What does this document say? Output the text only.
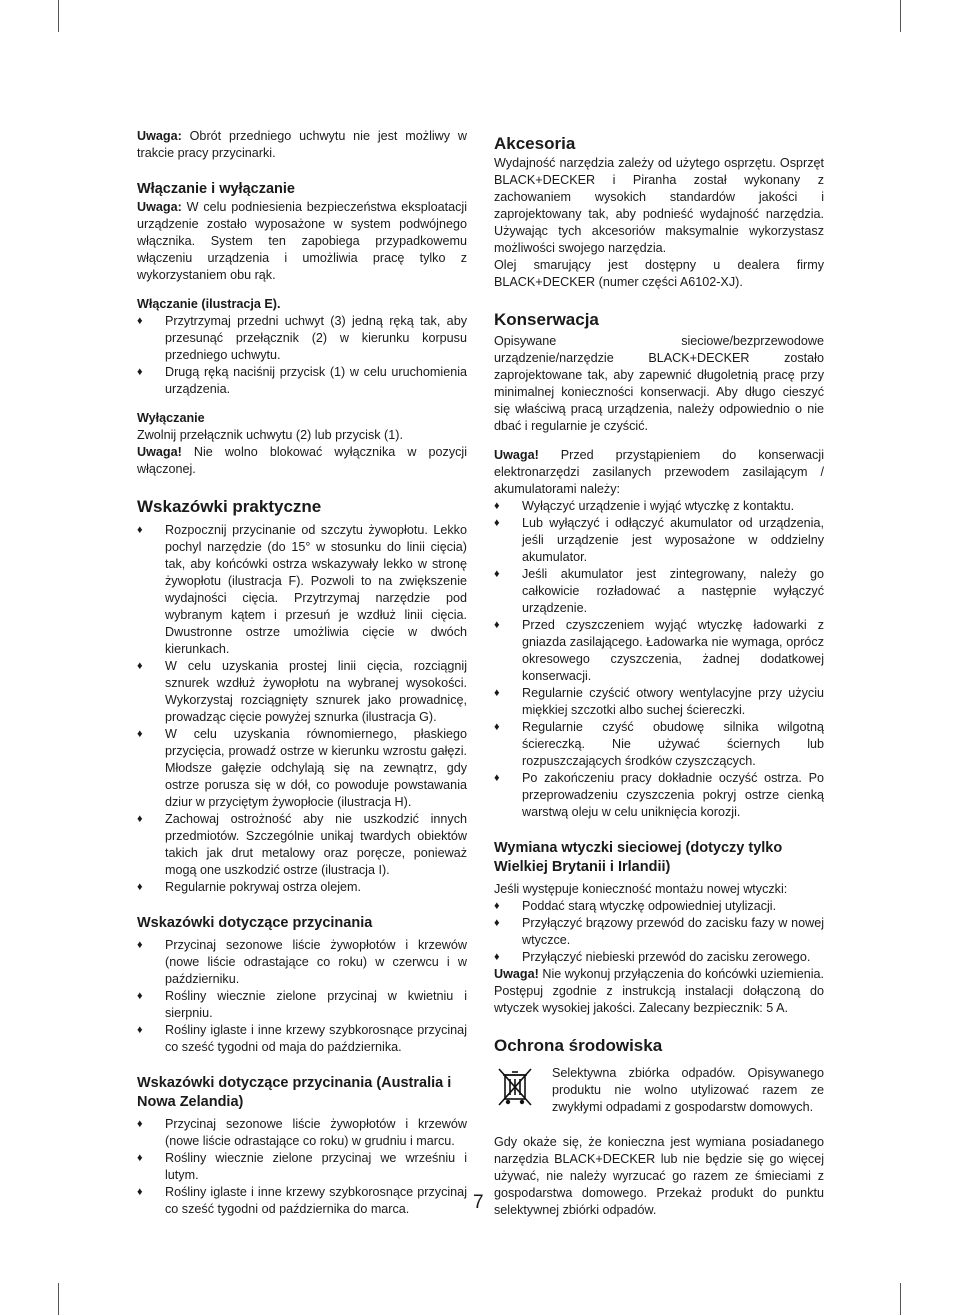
Uwaga: Obrót przedniego uchwytu nie jest możliwy w trakcie pracy przycinarki.

Włączanie i wyłączanie

Uwaga: W celu podniesienia bezpieczeństwa eksploatacji urządzenie zostało wyposażone w system podwójnego włącznika. System ten zapobiega przypadkowemu włączeniu urządzenia i umożliwia pracę tylko z wykorzystaniem obu rąk.

Włączanie (ilustracja E).
♦ Przytrzymaj przedni uchwyt (3) jedną ręką tak, aby przesunąć przełącznik (2) w kierunku korpusu przedniego uchwytu.
♦ Drugą ręką naciśnij przycisk (1) w celu uruchomienia urządzenia.
Wyłączanie

Zwolnij przełącznik uchwytu (2) lub przycisk (1).

Uwaga! Nie wolno blokować wyłącznika w pozycji włączonej.

Wskazówki praktyczne
♦ Rozpocznij przycinanie od szczytu żywopłotu. Lekko pochyl narzędzie (do 15° w stosunku do linii cięcia) tak, aby końcówki ostrza wskazywały lekko w stronę żywopłotu (ilustracja F). Pozwoli to na zwiększenie wydajności cięcia. Przytrzymaj narzędzie pod wybranym kątem i przesuń je wzdłuż linii cięcia. Dwustronne ostrze umożliwia cięcie w dwóch kierunkach.
♦ W celu uzyskania prostej linii cięcia, rozciągnij sznurek wzdłuż żywopłotu na wybranej wysokości. Wykorzystaj rozciągnięty sznurek jako prowadnicę, prowadząc cięcie powyżej sznurka (ilustracja G).
♦ W celu uzyskania równomiernego, płaskiego przycięcia, prowadź ostrze w kierunku wzrostu gałęzi. Młodsze gałęzie odchylają się na zewnątrz, gdy ostrze porusza się w dół, co powoduje powstawania dziur w przyciętym żywopłocie (ilustracja H).
♦ Zachowaj ostrożność aby nie uszkodzić innych przedmiotów. Szczególnie unikaj twardych obiektów takich jak drut metalowy oraz poręcze, ponieważ mogą one uszkodzić ostrze (ilustracja I).
♦ Regularnie pokrywaj ostrza olejem.
Wskazówki dotyczące przycinania
♦ Przycinaj sezonowe liście żywopłotów i krzewów (nowe liście odrastające co roku) w czerwcu i w październiku.
♦ Rośliny wiecznie zielone przycinaj w kwietniu i sierpniu.
♦ Rośliny iglaste i inne krzewy szybkorosnące przycinaj co sześć tygodni od maja do października.
Wskazówki dotyczące przycinania (Australia i Nowa Zelandia)
♦ Przycinaj sezonowe liście żywopłotów i krzewów (nowe liście odrastające co roku) w grudniu i marcu.
♦ Rośliny wiecznie zielone przycinaj we wrześniu i lutym.
♦ Rośliny iglaste i inne krzewy szybkorosnące przycinaj co sześć tygodni od października do marca.
Akcesoria

Wydajność narzędzia zależy od użytego osprzętu. Osprzęt BLACK+DECKER i Piranha został wykonany z zachowaniem wysokich standardów jakości i zaprojektowany tak, aby podnieść wydajność narzędzia. Używając tych akcesoriów maksymalnie wykorzystasz możliwości swojego narzędzia.

Olej smarujący jest dostępny u dealera firmy BLACK+DECKER (numer części A6102-XJ).

Konserwacja

Opisywane sieciowe/bezprzewodowe urządzenie/narzędzie BLACK+DECKER zostało zaprojektowane tak, aby zapewnić długoletnią pracę przy minimalnej konieczności konserwacji. Aby długo cieszyć się właściwą pracą urządzenia, należy odpowiednio o nie dbać i regularnie je czyścić.

Uwaga! Przed przystąpieniem do konserwacji elektronarzędzi zasilanych przewodem zasilającym / akumulatorami należy:

♦ Wyłączyć urządzenie i wyjąć wtyczkę z kontaktu.
♦ Lub wyłączyć i odłączyć akumulator od urządzenia, jeśli urządzenie jest wyposażone w oddzielny akumulator.
♦ Jeśli akumulator jest zintegrowany, należy go całkowicie rozładować a następnie wyłączyć urządzenie.
♦ Przed czyszczeniem wyjąć wtyczkę ładowarki z gniazda zasilającego. Ładowarka nie wymaga, oprócz okresowego czyszczenia, żadnej dodatkowej konserwacji.
♦ Regularnie czyścić otwory wentylacyjne przy użyciu miękkiej szczotki albo suchej ściereczki.
♦ Regularnie czyść obudowę silnika wilgotną ściereczką. Nie używać ściernych lub rozpuszczających środków czyszczących.
♦ Po zakończeniu pracy dokładnie oczyść ostrza. Po przeprowadzeniu czyszczenia pokryj ostrze cienką warstwą oleju w celu uniknięcia korozji.
Wymiana wtyczki sieciowej (dotyczy tylko Wielkiej Brytanii i Irlandii)

Jeśli występuje konieczność montażu nowej wtyczki:

♦ Poddać starą wtyczkę odpowiedniej utylizacji.
♦ Przyłączyć brązowy przewód do zacisku fazy w nowej wtyczce.
♦ Przyłączyć niebieski przewód do zacisku zerowego.

Uwaga! Nie wykonuj przyłączenia do końcówki uziemienia. Postępuj zgodnie z instrukcją instalacji dołączoną do wtyczek wysokiej jakości. Zalecany bezpiecznik: 5 A.

Ochrona środowiska

Selektywna zbiórka odpadów. Opisywanego produktu nie wolno utylizować razem ze zwykłymi odpadami z gospodarstw domowych.

Gdy okaże się, że konieczna jest wymiana posiadanego narzędzia BLACK+DECKER lub nie będzie się go więcej używać, nie należy wyrzucać go razem ze śmieciami z gospodarstwa domowego. Przekaż produkt do punktu selektywnej zbiórki odpadów.

7
